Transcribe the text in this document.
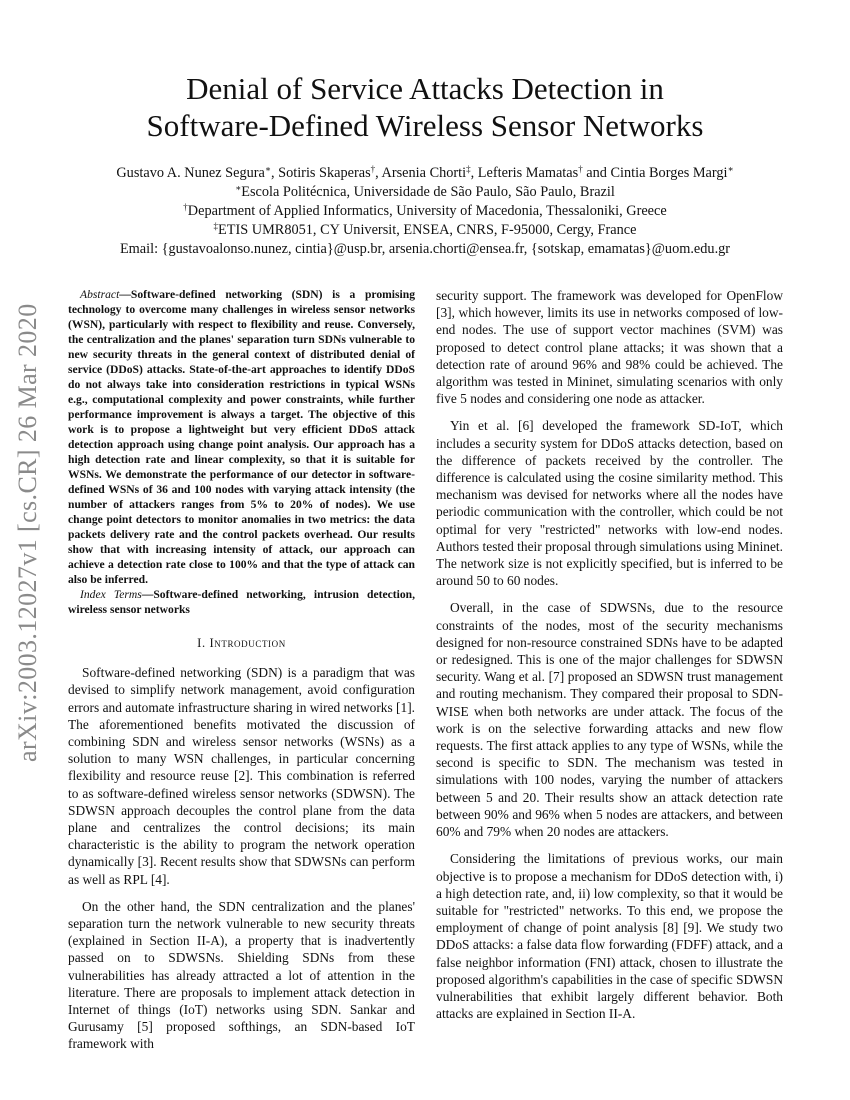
arXiv:2003.12027v1 [cs.CR] 26 Mar 2020
Denial of Service Attacks Detection in
Software-Defined Wireless Sensor Networks
Gustavo A. Nunez Segura∗, Sotiris Skaperas†, Arsenia Chorti‡, Lefteris Mamatas† and Cintia Borges Margi∗
∗Escola Politécnica, Universidade de São Paulo, São Paulo, Brazil
†Department of Applied Informatics, University of Macedonia, Thessaloniki, Greece
‡ETIS UMR8051, CY Universit, ENSEA, CNRS, F-95000, Cergy, France
Email: {gustavoalonso.nunez, cintia}@usp.br, arsenia.chorti@ensea.fr, {sotskap, emamatas}@uom.edu.gr

Abstract—Software-defined networking (SDN) is a promising technology to overcome many challenges in wireless sensor networks (WSN), particularly with respect to flexibility and reuse. Conversely, the centralization and the planes' separation turn SDNs vulnerable to new security threats in the general context of distributed denial of service (DDoS) attacks. State-of-the-art approaches to identify DDoS do not always take into consideration restrictions in typical WSNs e.g., computational complexity and power constraints, while further performance improvement is always a target. The objective of this work is to propose a lightweight but very efficient DDoS attack detection approach using change point analysis. Our approach has a high detection rate and linear complexity, so that it is suitable for WSNs. We demonstrate the performance of our detector in software-defined WSNs of 36 and 100 nodes with varying attack intensity (the number of attackers ranges from 5% to 20% of nodes). We use change point detectors to monitor anomalies in two metrics: the data packets delivery rate and the control packets overhead. Our results show that with increasing intensity of attack, our approach can achieve a detection rate close to 100% and that the type of attack can also be inferred.

Index Terms—Software-defined networking, intrusion detection, wireless sensor networks

I. Introduction

Software-defined networking (SDN) is a paradigm that was devised to simplify network management, avoid configuration errors and automate infrastructure sharing in wired networks [1]. The aforementioned benefits motivated the discussion of combining SDN and wireless sensor networks (WSNs) as a solution to many WSN challenges, in particular concerning flexibility and resource reuse [2]. This combination is referred to as software-defined wireless sensor networks (SDWSN). The SDWSN approach decouples the control plane from the data plane and centralizes the control decisions; its main characteristic is the ability to program the network operation dynamically [3]. Recent results show that SDWSNs can perform as well as RPL [4].

On the other hand, the SDN centralization and the planes' separation turn the network vulnerable to new security threats (explained in Section II-A), a property that is inadvertently passed on to SDWSNs. Shielding SDNs from these vulnerabilities has already attracted a lot of attention in the literature. There are proposals to implement attack detection in Internet of things (IoT) networks using SDN. Sankar and Gurusamy [5] proposed softhings, an SDN-based IoT framework with

security support. The framework was developed for OpenFlow [3], which however, limits its use in networks composed of low-end nodes. The use of support vector machines (SVM) was proposed to detect control plane attacks; it was shown that a detection rate of around 96% and 98% could be achieved. The algorithm was tested in Mininet, simulating scenarios with only five 5 nodes and considering one node as attacker.

Yin et al. [6] developed the framework SD-IoT, which includes a security system for DDoS attacks detection, based on the difference of packets received by the controller. The difference is calculated using the cosine similarity method. This mechanism was devised for networks where all the nodes have periodic communication with the controller, which could be not optimal for very "restricted" networks with low-end nodes. Authors tested their proposal through simulations using Mininet. The network size is not explicitly specified, but is inferred to be around 50 to 60 nodes.

Overall, in the case of SDWSNs, due to the resource constraints of the nodes, most of the security mechanisms designed for non-resource constrained SDNs have to be adapted or redesigned. This is one of the major challenges for SDWSN security. Wang et al. [7] proposed an SDWSN trust management and routing mechanism. They compared their proposal to SDN-WISE when both networks are under attack. The focus of the work is on the selective forwarding attacks and new flow requests. The first attack applies to any type of WSNs, while the second is specific to SDN. The mechanism was tested in simulations with 100 nodes, varying the number of attackers between 5 and 20. Their results show an attack detection rate between 90% and 96% when 5 nodes are attackers, and between 60% and 79% when 20 nodes are attackers.

Considering the limitations of previous works, our main objective is to propose a mechanism for DDoS detection with, i) a high detection rate, and, ii) low complexity, so that it would be suitable for "restricted" networks. To this end, we propose the employment of change of point analysis [8] [9]. We study two DDoS attacks: a false data flow forwarding (FDFF) attack, and a false neighbor information (FNI) attack, chosen to illustrate the proposed algorithm's capabilities in the case of specific SDWSN vulnerabilities that exhibit largely different behavior. Both attacks are explained in Section II-A.
